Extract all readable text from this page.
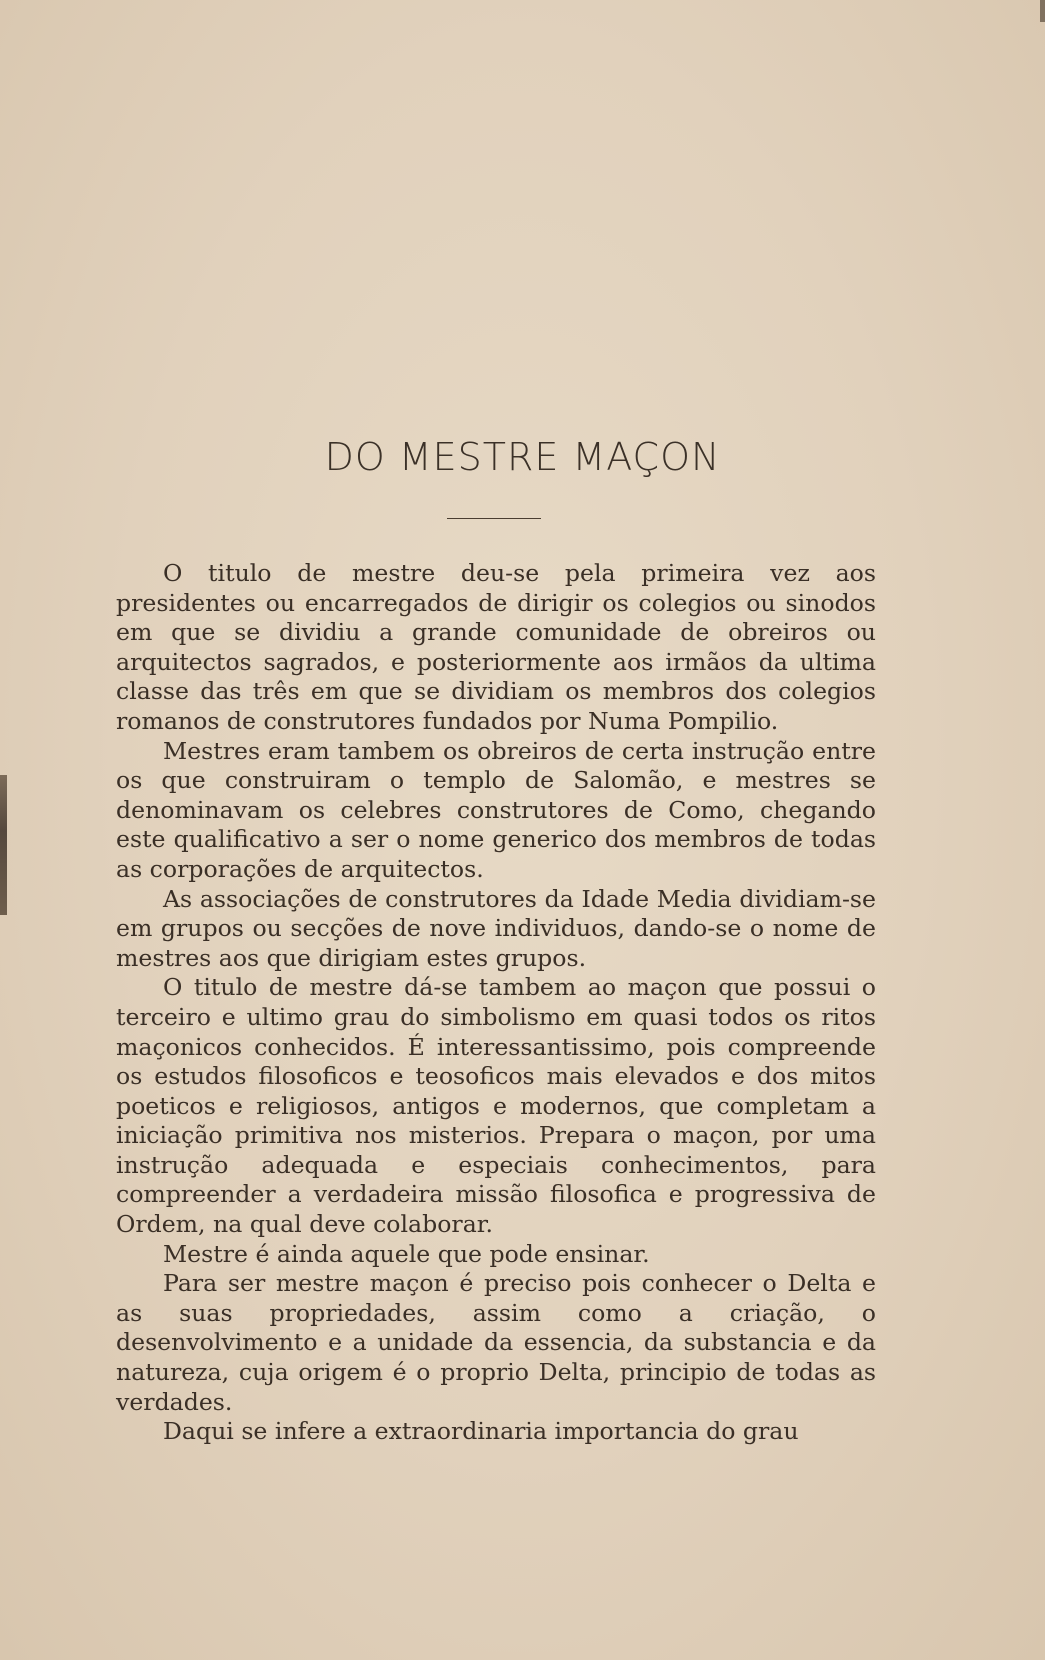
DO MESTRE MAÇON

O titulo de mestre deu-se pela primeira vez aos presidentes ou encarregados de dirigir os colegios ou sinodos em que se dividiu a grande comunidade de obreiros ou arquitectos sagrados, e posteriormente aos irmãos da ultima classe das três em que se dividiam os membros dos colegios romanos de construtores fundados por Numa Pompilio.

Mestres eram tambem os obreiros de certa instrução entre os que construiram o templo de Salomão, e mestres se denominavam os celebres construtores de Como, chegando este qualificativo a ser o nome generico dos membros de todas as corporações de arquitectos.

As associações de construtores da Idade Media dividiam-se em grupos ou secções de nove individuos, dando-se o nome de mestres aos que dirigiam estes grupos.

O titulo de mestre dá-se tambem ao maçon que possui o terceiro e ultimo grau do simbolismo em quasi todos os ritos maçonicos conhecidos. É interessantissimo, pois compreende os estudos filosoficos e teosoficos mais elevados e dos mitos poeticos e religiosos, antigos e modernos, que completam a iniciação primitiva nos misterios. Prepara o maçon, por uma instrução adequada e especiais conhecimentos, para compreender a verdadeira missão filosofica e progressiva de Ordem, na qual deve colaborar.

Mestre é ainda aquele que pode ensinar.

Para ser mestre maçon é preciso pois conhecer o Delta e as suas propriedades, assim como a criação, o desenvolvimento e a unidade da essencia, da substancia e da natureza, cuja origem é o proprio Delta, principio de todas as verdades.

Daqui se infere a extraordinaria importancia do grau
